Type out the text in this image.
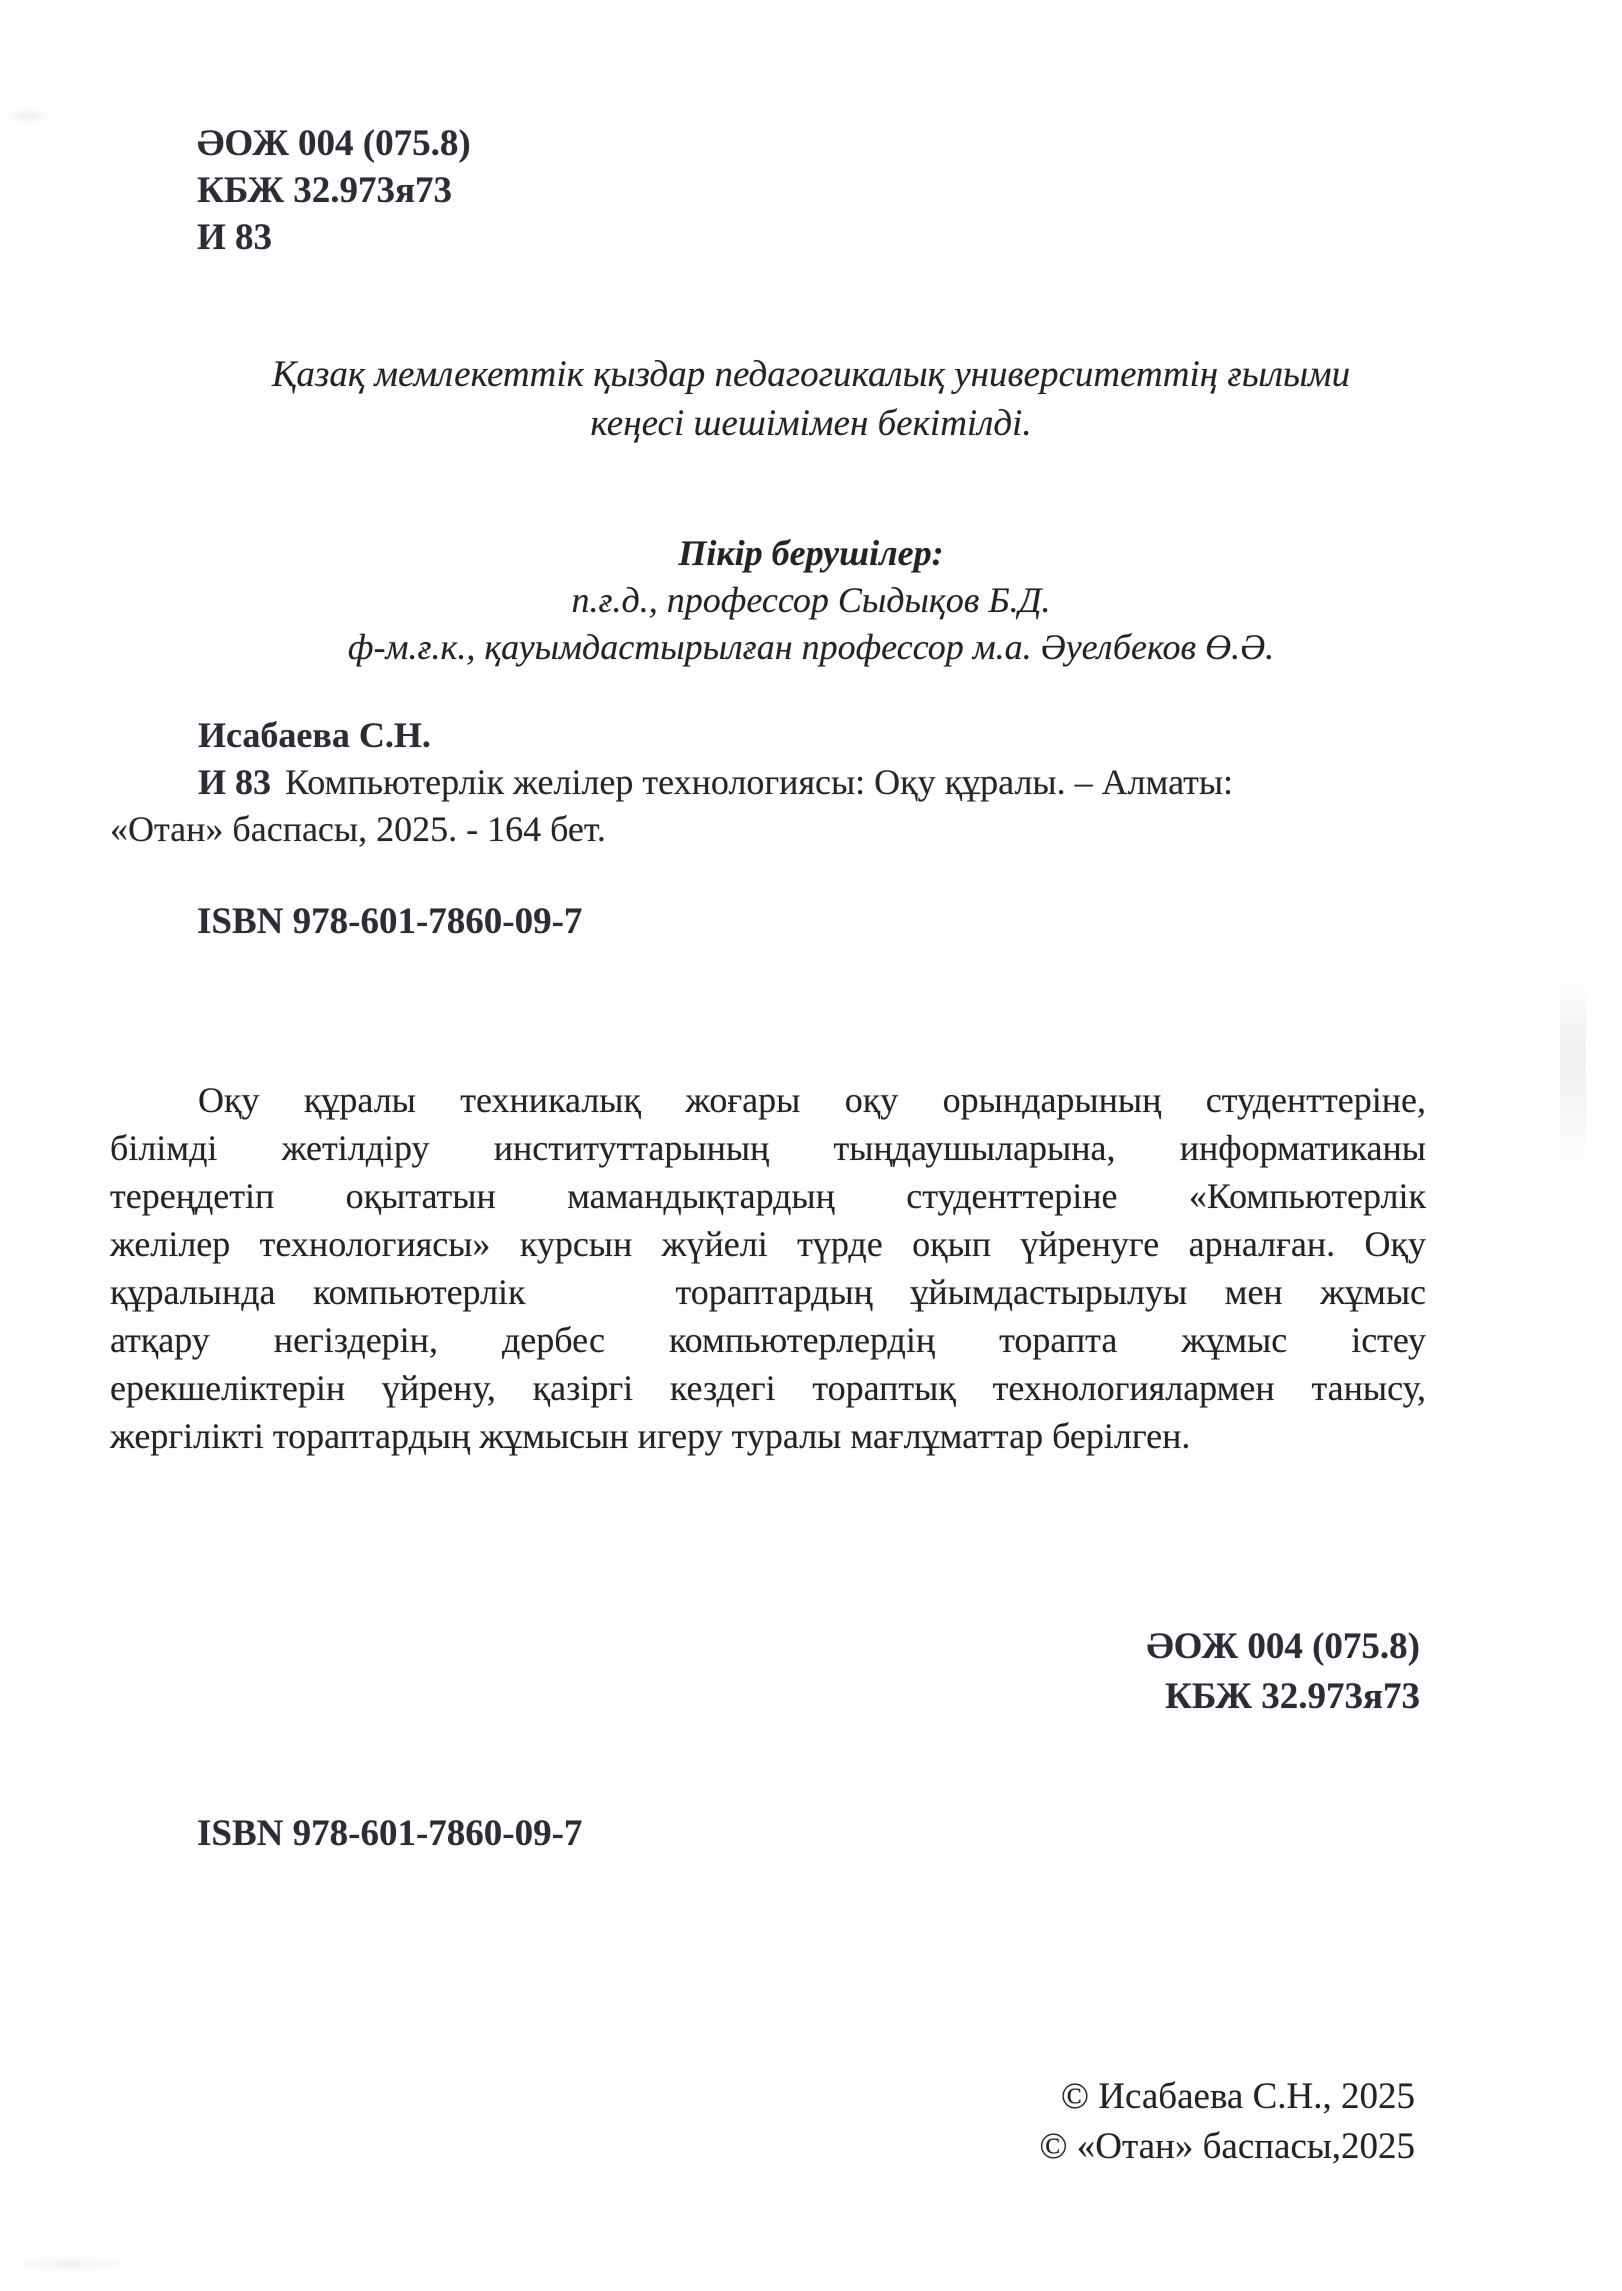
ӘОЖ 004 (075.8)
КБЖ 32.973я73
И 83
Қазақ мемлекеттік қыздар педагогикалық университеттің ғылыми
кеңесі шешімімен бекітілді.
Пікір берушілер:
п.ғ.д., профессор Сыдықов Б.Д.
ф-м.ғ.к., қауымдастырылған профессор м.а. Әуелбеков Ө.Ә.
Исабаева С.Н.
И 83 Компьютерлік желілер технологиясы: Оқу құралы. – Алматы:
«Отан» баспасы, 2025. - 164 бет.
ISBN 978-601-7860-09-7
Оқу құралы техникалық жоғары оқу орындарының студенттеріне,
білімді жетілдіру институттарының тыңдаушыларына, информатиканы
тереңдетіп оқытатын мамандықтардың студенттеріне «Компьютерлік
желілер технологиясы» курсын жүйелі түрде оқып үйренуге арналған. Оқу
құралында компьютерлік    тораптардың ұйымдастырылуы мен жұмыс
атқару негіздерін, дербес компьютерлердің торапта жұмыс істеу
ерекшеліктерін үйрену, қазіргі кездегі тораптық технологиялармен танысу,
жергілікті тораптардың жұмысын игеру туралы мағлұматтар берілген.
ӘОЖ 004 (075.8)
КБЖ 32.973я73
ISBN 978-601-7860-09-7
© Исабаева С.Н., 2025
© «Отан» баспасы,2025
